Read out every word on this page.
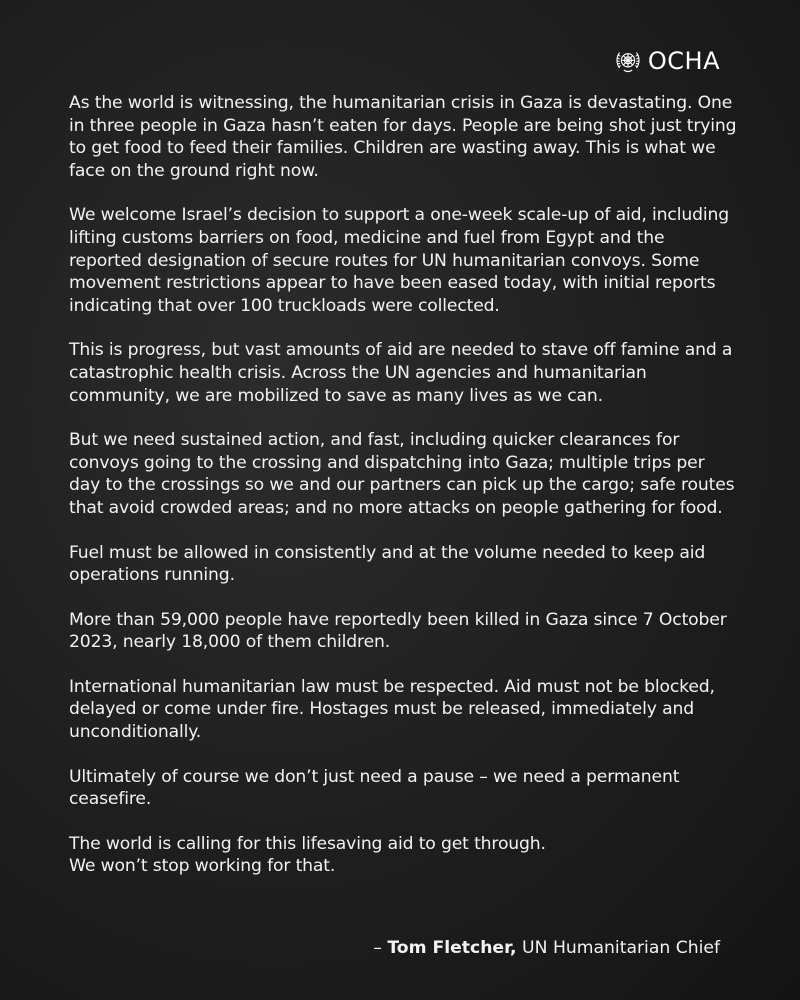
OCHA

As the world is witnessing, the humanitarian crisis in Gaza is devastating. One in three people in Gaza hasn’t eaten for days. People are being shot just trying to get food to feed their families. Children are wasting away. This is what we face on the ground right now.

We welcome Israel’s decision to support a one-week scale-up of aid, including lifting customs barriers on food, medicine and fuel from Egypt and the reported designation of secure routes for UN humanitarian convoys. Some movement restrictions appear to have been eased today, with initial reports indicating that over 100 truckloads were collected.

This is progress, but vast amounts of aid are needed to stave off famine and a catastrophic health crisis. Across the UN agencies and humanitarian community, we are mobilized to save as many lives as we can.

But we need sustained action, and fast, including quicker clearances for convoys going to the crossing and dispatching into Gaza; multiple trips per day to the crossings so we and our partners can pick up the cargo; safe routes that avoid crowded areas; and no more attacks on people gathering for food.

Fuel must be allowed in consistently and at the volume needed to keep aid operations running.

More than 59,000 people have reportedly been killed in Gaza since 7 October 2023, nearly 18,000 of them children.

International humanitarian law must be respected. Aid must not be blocked, delayed or come under fire. Hostages must be released, immediately and unconditionally.

Ultimately of course we don’t just need a pause – we need a permanent ceasefire.

The world is calling for this lifesaving aid to get through.
We won’t stop working for that.

– Tom Fletcher, UN Humanitarian Chief
